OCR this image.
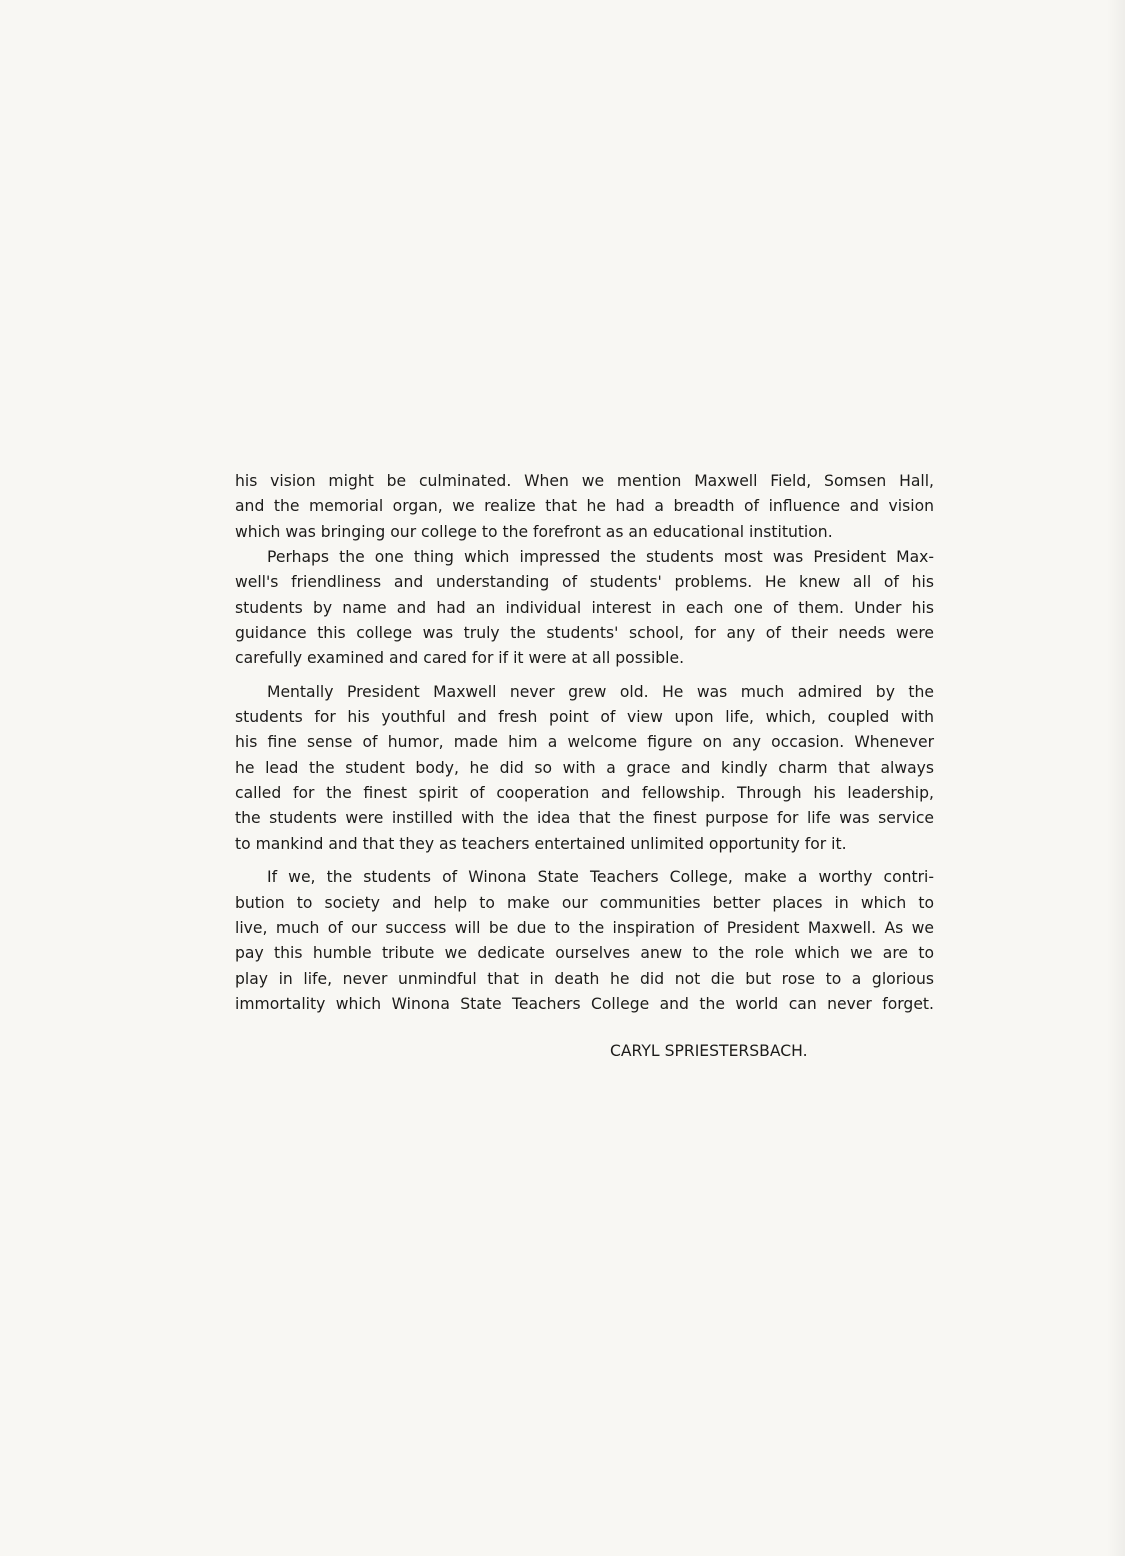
his vision might be culminated. When we mention Maxwell Field, Somsen Hall,
and the memorial organ, we realize that he had a breadth of influence and vision
which was bringing our college to the forefront as an educational institution.
Perhaps the one thing which impressed the students most was President Max-
well's friendliness and understanding of students' problems. He knew all of his
students by name and had an individual interest in each one of them. Under his
guidance this college was truly the students' school, for any of their needs were
carefully examined and cared for if it were at all possible.
Mentally President Maxwell never grew old. He was much admired by the
students for his youthful and fresh point of view upon life, which, coupled with
his fine sense of humor, made him a welcome figure on any occasion. Whenever
he lead the student body, he did so with a grace and kindly charm that always
called for the finest spirit of cooperation and fellowship. Through his leadership,
the students were instilled with the idea that the finest purpose for life was service
to mankind and that they as teachers entertained unlimited opportunity for it.
If we, the students of Winona State Teachers College, make a worthy contri-
bution to society and help to make our communities better places in which to
live, much of our success will be due to the inspiration of President Maxwell. As we
pay this humble tribute we dedicate ourselves anew to the role which we are to
play in life, never unmindful that in death he did not die but rose to a glorious
immortality which Winona State Teachers College and the world can never forget.
CARYL SPRIESTERSBACH.
